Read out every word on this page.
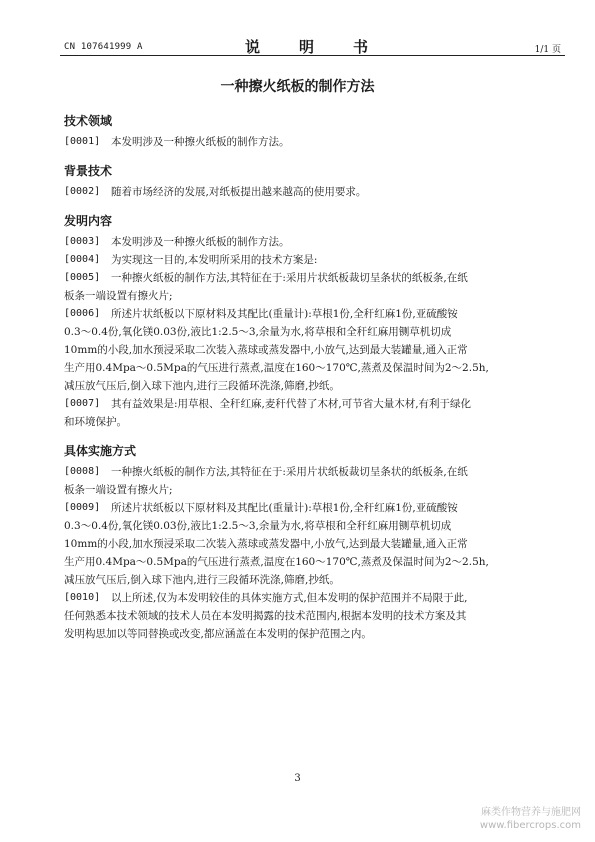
CN 107641999 A	说　明　书	1/1 页
一种擦火纸板的制作方法
技术领域
[0001]	本发明涉及一种擦火纸板的制作方法。
背景技术
[0002]	随着市场经济的发展,对纸板提出越来越高的使用要求。
发明内容
[0003]	本发明涉及一种擦火纸板的制作方法。
[0004]	为实现这一目的,本发明所采用的技术方案是:
[0005]	一种擦火纸板的制作方法,其特征在于:采用片状纸板裁切呈条状的纸板条,在纸
板条一端设置有擦火片;
[0006]	所述片状纸板以下原材料及其配比(重量计):草根1份,全秆红麻1份,亚硫酸铵
0.3～0.4份,氧化镁0.03份,液比1:2.5～3,余量为水,将草根和全秆红麻用铡草机切成
10mm的小段,加水预浸采取二次装入蒸球或蒸发器中,小放气,达到最大装罐量,通入正常
生产用0.4Mpa～0.5Mpa的气压进行蒸煮,温度在160～170℃,蒸煮及保温时间为2～2.5h,
减压放气压后,倒入球下池内,进行三段循环洗涤,筛磨,抄纸。
[0007]	其有益效果是:用草根、全秆红麻,麦秆代替了木材,可节省大量木材,有利于绿化
和环境保护。
具体实施方式
[0008]	一种擦火纸板的制作方法,其特征在于:采用片状纸板裁切呈条状的纸板条,在纸
板条一端设置有擦火片;
[0009]	所述片状纸板以下原材料及其配比(重量计):草根1份,全秆红麻1份,亚硫酸铵
0.3～0.4份,氧化镁0.03份,液比1:2.5～3,余量为水,将草根和全秆红麻用铡草机切成
10mm的小段,加水预浸采取二次装入蒸球或蒸发器中,小放气,达到最大装罐量,通入正常
生产用0.4Mpa～0.5Mpa的气压进行蒸煮,温度在160～170℃,蒸煮及保温时间为2～2.5h,
减压放气压后,倒入球下池内,进行三段循环洗涤,筛磨,抄纸。
[0010]	以上所述,仅为本发明较佳的具体实施方式,但本发明的保护范围并不局限于此,
任何熟悉本技术领域的技术人员在本发明揭露的技术范围内,根据本发明的技术方案及其
发明构思加以等同替换或改变,都应涵盖在本发明的保护范围之内。
3
麻类作物营养与施肥网
www.fibercrops.com
